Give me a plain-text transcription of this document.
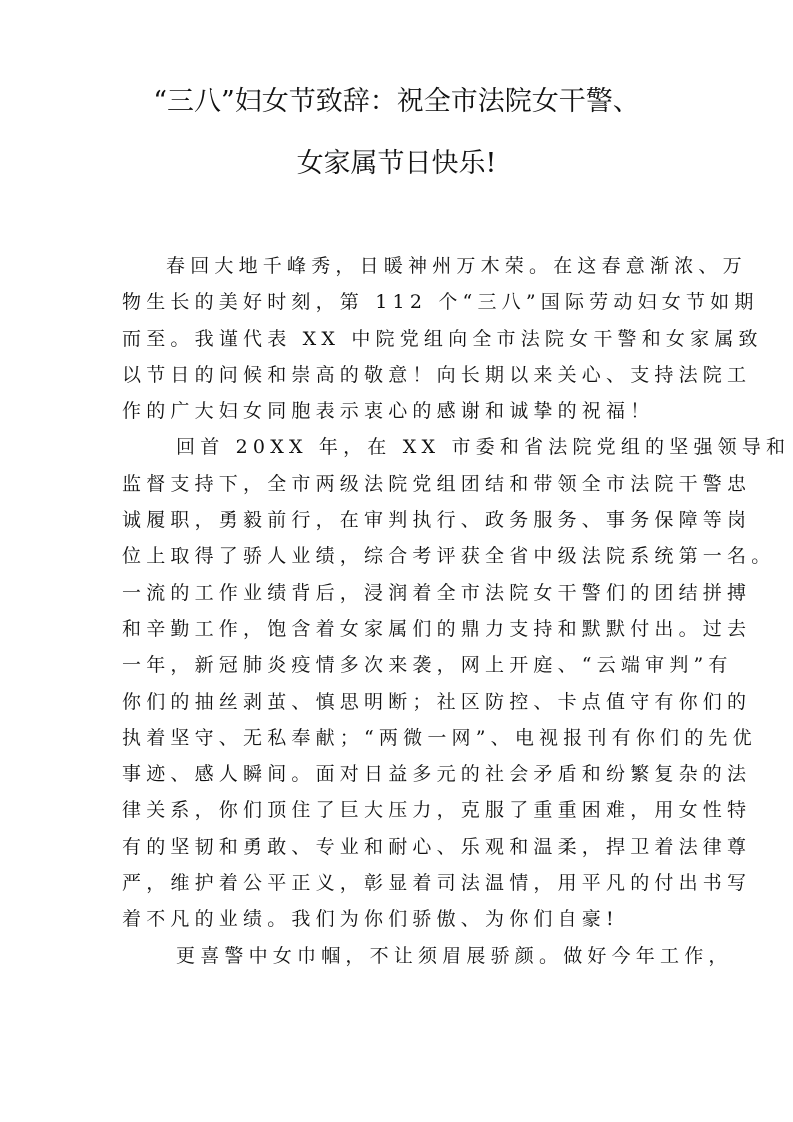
“三八”妇女节致辞：祝全市法院女干警、
女家属节日快乐!
春回大地千峰秀，日暖神州万木荣。在这春意渐浓、万
物生长的美好时刻，第 112 个“三八”国际劳动妇女节如期
而至。我谨代表 XX 中院党组向全市法院女干警和女家属致
以节日的问候和崇高的敬意！向长期以来关心、支持法院工
作的广大妇女同胞表示衷心的感谢和诚挚的祝福！
回首 20XX 年，在 XX 市委和省法院党组的坚强领导和
监督支持下，全市两级法院党组团结和带领全市法院干警忠
诚履职，勇毅前行，在审判执行、政务服务、事务保障等岗
位上取得了骄人业绩，综合考评获全省中级法院系统第一名。
一流的工作业绩背后，浸润着全市法院女干警们的团结拼搏
和辛勤工作，饱含着女家属们的鼎力支持和默默付出。过去
一年，新冠肺炎疫情多次来袭，网上开庭、“云端审判”有
你们的抽丝剥茧、慎思明断；社区防控、卡点值守有你们的
执着坚守、无私奉献；“两微一网”、电视报刊有你们的先优
事迹、感人瞬间。面对日益多元的社会矛盾和纷繁复杂的法
律关系，你们顶住了巨大压力，克服了重重困难，用女性特
有的坚韧和勇敢、专业和耐心、乐观和温柔，捍卫着法律尊
严，维护着公平正义，彰显着司法温情，用平凡的付出书写
着不凡的业绩。我们为你们骄傲、为你们自豪!
更喜警中女巾帼，不让须眉展骄颜。做好今年工作，
